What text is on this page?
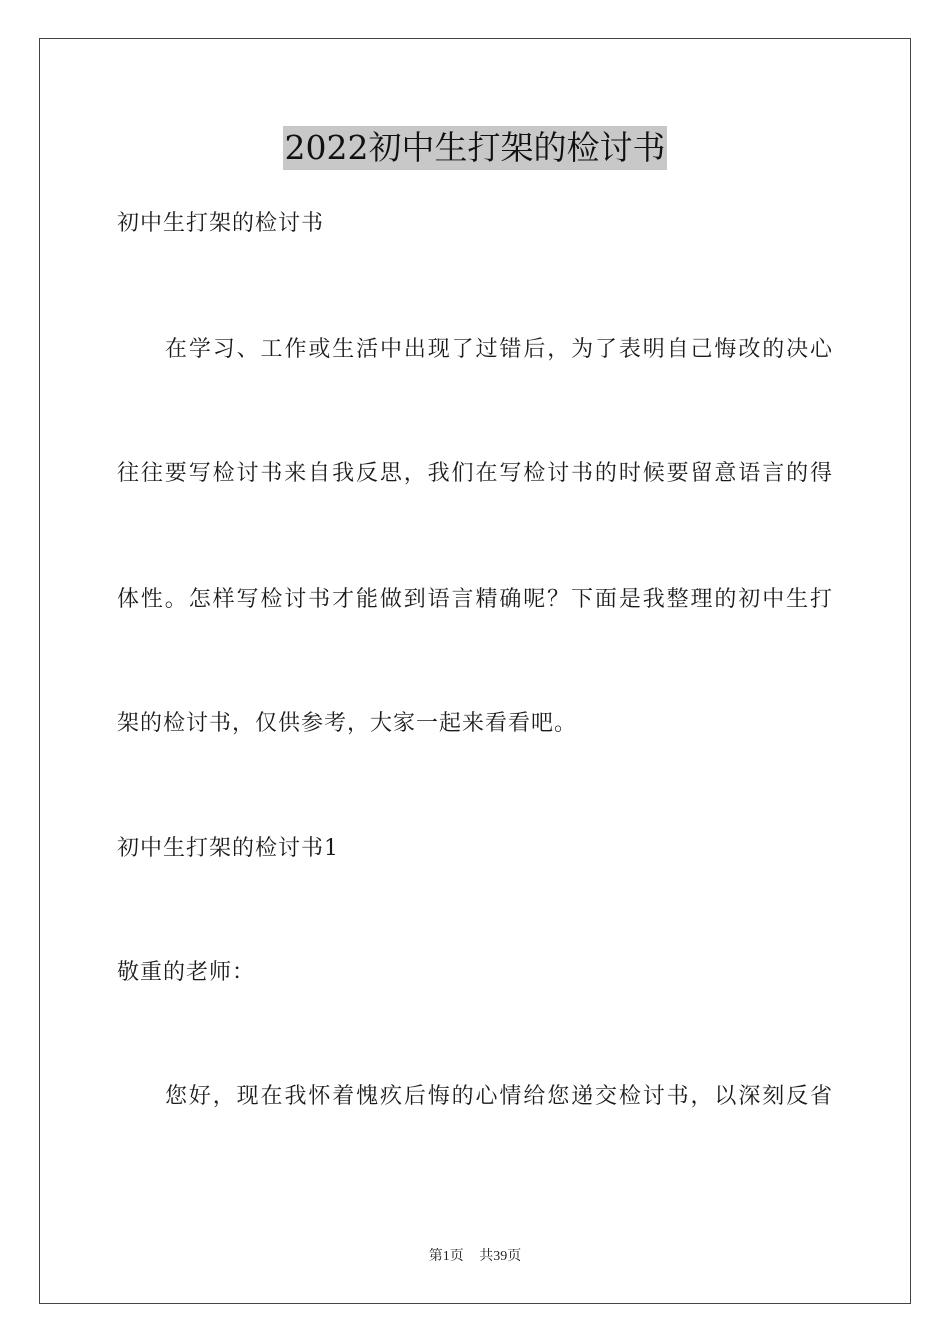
2022初中生打架的检讨书
初中生打架的检讨书
在学习、工作或生活中出现了过错后，为了表明自己悔改的决心
往往要写检讨书来自我反思，我们在写检讨书的时候要留意语言的得
体性。怎样写检讨书才能做到语言精确呢？下面是我整理的初中生打
架的检讨书，仅供参考，大家一起来看看吧。
初中生打架的检讨书1
敬重的老师：
您好，现在我怀着愧疚后悔的心情给您递交检讨书，以深刻反省
第1页 共39页
